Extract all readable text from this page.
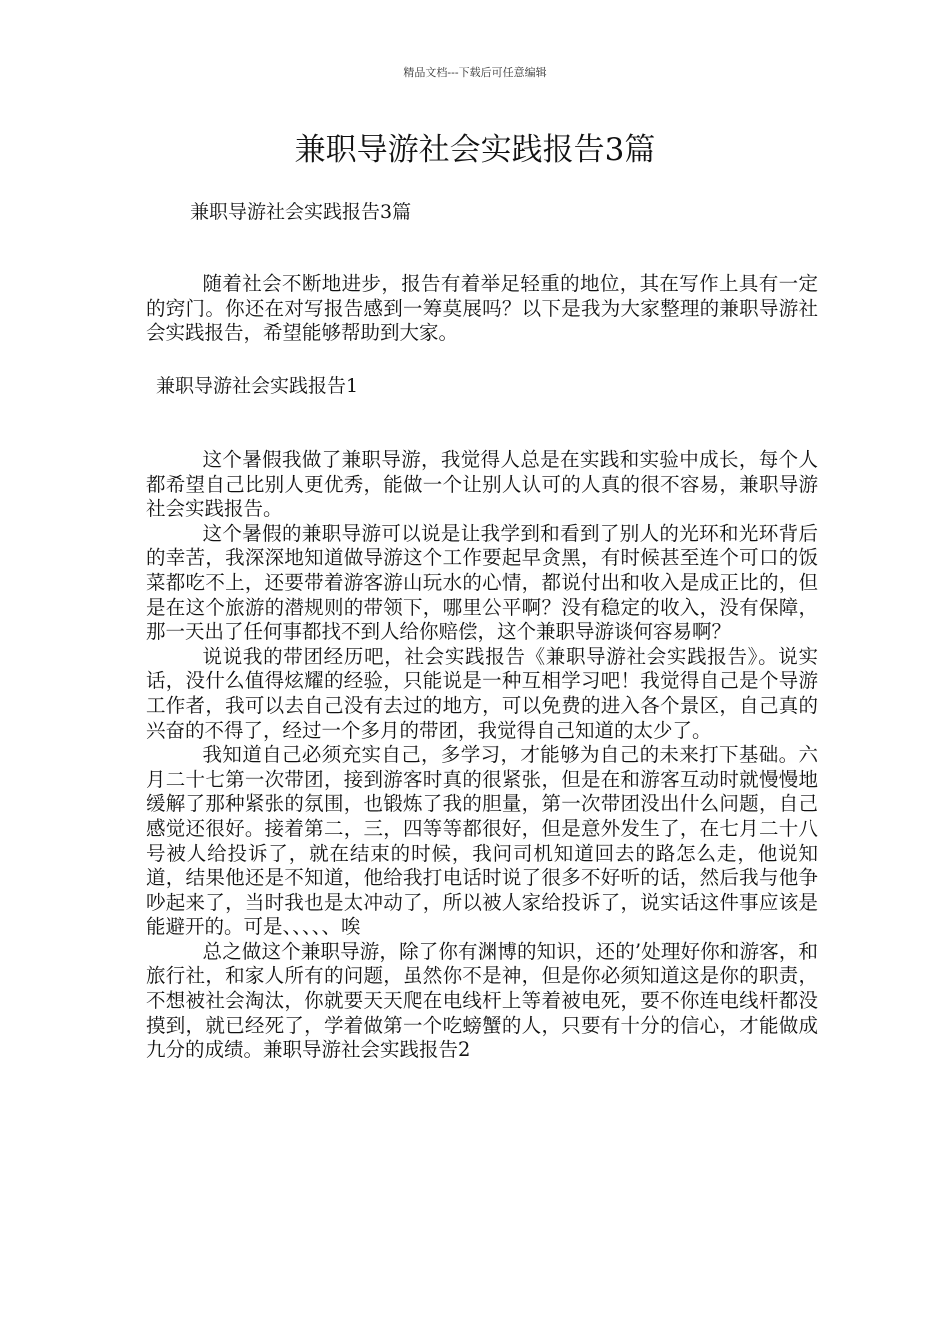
精品文档---下载后可任意编辑
兼职导游社会实践报告3篇

兼职导游社会实践报告3篇

随着社会不断地进步，报告有着举足轻重的地位，其在写作上具有一定的窍门。你还在对写报告感到一筹莫展吗？以下是我为大家整理的兼职导游社会实践报告，希望能够帮助到大家。

兼职导游社会实践报告1

这个暑假我做了兼职导游，我觉得人总是在实践和实验中成长，每个人都希望自己比别人更优秀，能做一个让别人认可的人真的很不容易，兼职导游社会实践报告。

这个暑假的兼职导游可以说是让我学到和看到了别人的光环和光环背后的幸苦，我深深地知道做导游这个工作要起早贪黑，有时候甚至连个可口的饭菜都吃不上，还要带着游客游山玩水的心情，都说付出和收入是成正比的，但是在这个旅游的潜规则的带领下，哪里公平啊？没有稳定的收入，没有保障，那一天出了任何事都找不到人给你赔偿，这个兼职导游谈何容易啊？

说说我的带团经历吧，社会实践报告《兼职导游社会实践报告》。说实话，没什么值得炫耀的经验，只能说是一种互相学习吧！我觉得自己是个导游工作者，我可以去自己没有去过的地方，可以免费的进入各个景区，自己真的兴奋的不得了，经过一个多月的带团，我觉得自己知道的太少了。

我知道自己必须充实自己，多学习，才能够为自己的未来打下基础。六月二十七第一次带团，接到游客时真的很紧张，但是在和游客互动时就慢慢地缓解了那种紧张的氛围，也锻炼了我的胆量，第一次带团没出什么问题，自己感觉还很好。接着第二，三，四等等都很好，但是意外发生了，在七月二十八号被人给投诉了，就在结束的时候，我问司机知道回去的路怎么走，他说知道，结果他还是不知道，他给我打电话时说了很多不好听的话，然后我与他争吵起来了，当时我也是太冲动了，所以被人家给投诉了，说实话这件事应该是能避开的。可是、、、、、唉

总之做这个兼职导游，除了你有渊博的知识，还的’处理好你和游客，和旅行社，和家人所有的问题，虽然你不是神，但是你必须知道这是你的职责，不想被社会淘汰，你就要天天爬在电线杆上等着被电死，要不你连电线杆都没摸到，就已经死了，学着做第一个吃螃蟹的人，只要有十分的信心，才能做成九分的成绩。兼职导游社会实践报告2
